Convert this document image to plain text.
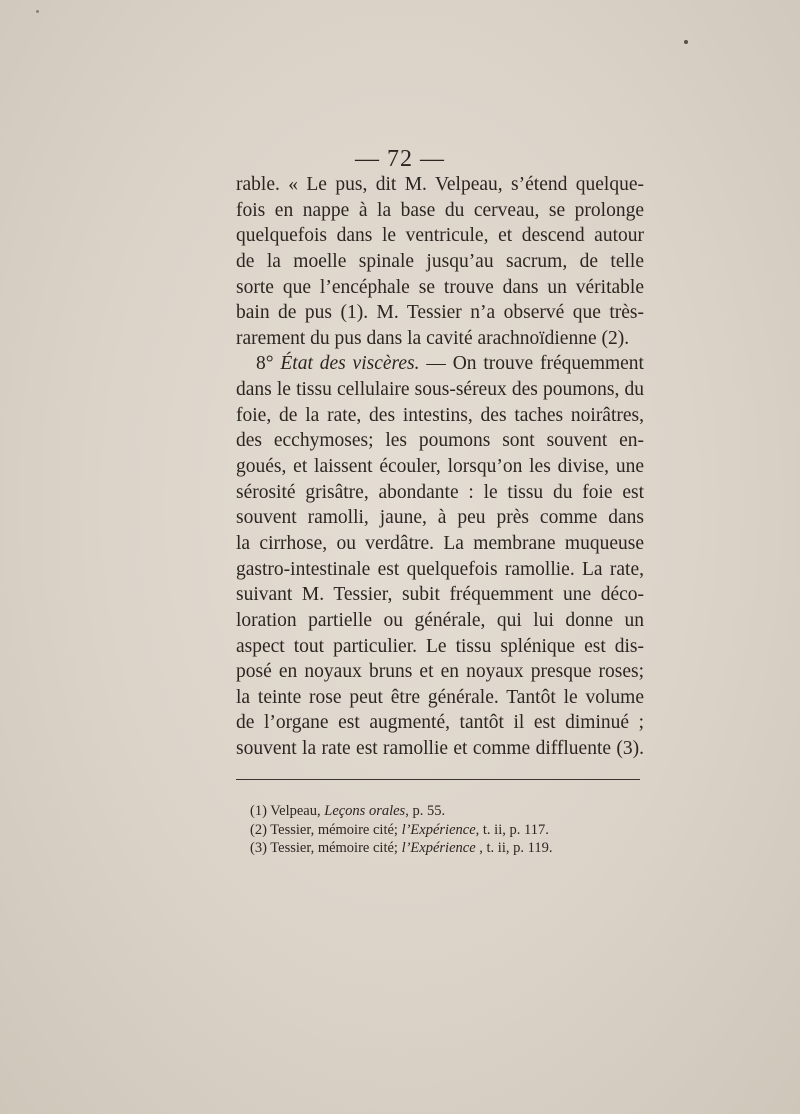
— 72 —
rable. « Le pus, dit M. Velpeau, s’étend quelque-
fois en nappe à la base du cerveau, se prolonge
quelquefois dans le ventricule, et descend autour
de la moelle spinale jusqu’au sacrum, de telle
sorte que l’encéphale se trouve dans un véritable
bain de pus (1). M. Tessier n’a observé que très-
rarement du pus dans la cavité arachnoïdienne (2).
8° État des viscères. — On trouve fréquemment
dans le tissu cellulaire sous-séreux des poumons, du
foie, de la rate, des intestins, des taches noirâtres,
des ecchymoses; les poumons sont souvent en-
goués, et laissent écouler, lorsqu’on les divise, une
sérosité grisâtre, abondante : le tissu du foie est
souvent ramolli, jaune, à peu près comme dans
la cirrhose, ou verdâtre. La membrane muqueuse
gastro-intestinale est quelquefois ramollie. La rate,
suivant M. Tessier, subit fréquemment une déco-
loration partielle ou générale, qui lui donne un
aspect tout particulier. Le tissu splénique est dis-
posé en noyaux bruns et en noyaux presque roses;
la teinte rose peut être générale. Tantôt le volume
de l’organe est augmenté, tantôt il est diminué ;
souvent la rate est ramollie et comme diffluente (3).
(1) Velpeau, Leçons orales, p. 55.
(2) Tessier, mémoire cité; l’Expérience, t. ii, p. 117.
(3) Tessier, mémoire cité; l’Expérience , t. ii, p. 119.
